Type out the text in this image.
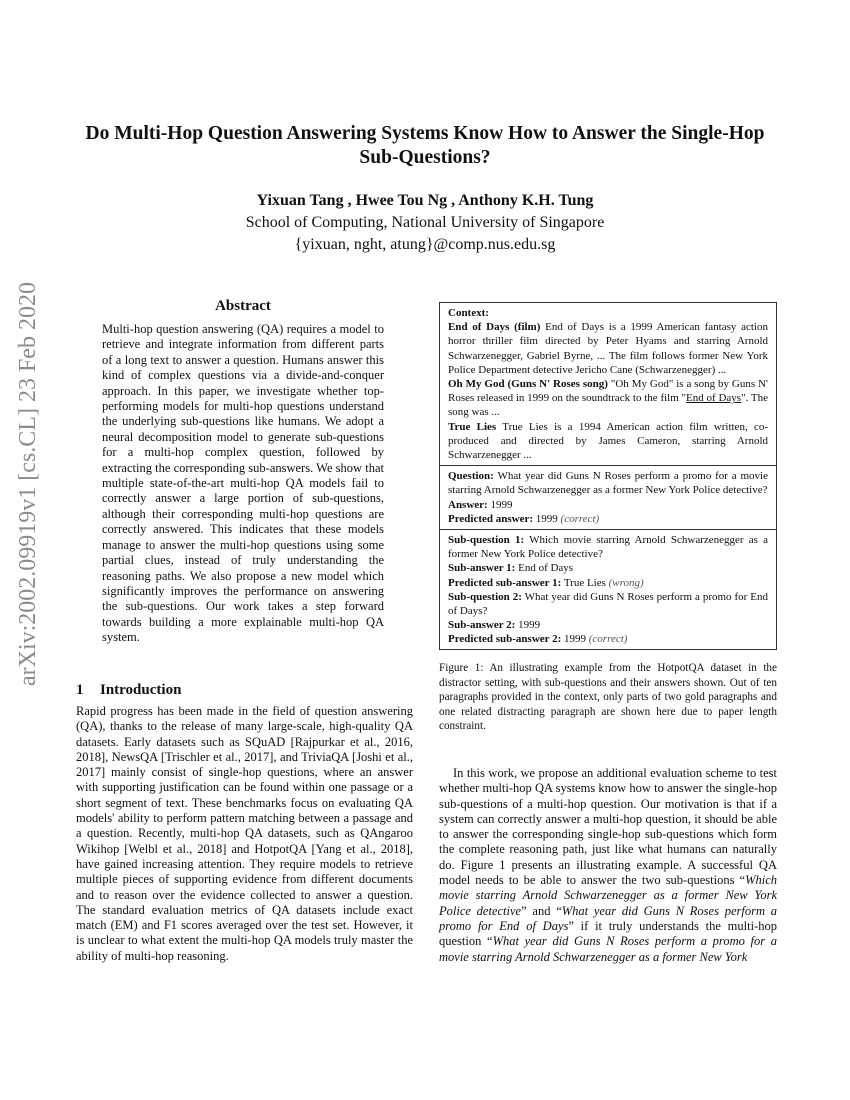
arXiv:2002.09919v1 [cs.CL] 23 Feb 2020
Do Multi-Hop Question Answering Systems Know How to Answer the Single-Hop
Sub-Questions?
Yixuan Tang , Hwee Tou Ng , Anthony K.H. Tung
School of Computing, National University of Singapore
{yixuan, nght, atung}@comp.nus.edu.sg
Abstract
Multi-hop question answering (QA) requires a model to retrieve and integrate information from different parts of a long text to answer a question. Humans answer this kind of complex questions via a divide-and-conquer approach. In this paper, we investigate whether top-performing models for multi-hop questions understand the underlying sub-questions like humans. We adopt a neural decomposition model to generate sub-questions for a multi-hop complex question, followed by extracting the corresponding sub-answers. We show that multiple state-of-the-art multi-hop QA models fail to correctly answer a large portion of sub-questions, although their corresponding multi-hop questions are correctly answered. This indicates that these models manage to answer the multi-hop questions using some partial clues, instead of truly understanding the reasoning paths. We also propose a new model which significantly improves the performance on answering the sub-questions. Our work takes a step forward towards building a more explainable multi-hop QA system.
1 Introduction
Rapid progress has been made in the field of question answering (QA), thanks to the release of many large-scale, high-quality QA datasets. Early datasets such as SQuAD [Rajpurkar et al., 2016, 2018], NewsQA [Trischler et al., 2017], and TriviaQA [Joshi et al., 2017] mainly consist of single-hop questions, where an answer with supporting justification can be found within one passage or a short segment of text. These benchmarks focus on evaluating QA models' ability to perform pattern matching between a passage and a question. Recently, multi-hop QA datasets, such as QAngaroo Wikihop [Welbl et al., 2018] and HotpotQA [Yang et al., 2018], have gained increasing attention. They require models to retrieve multiple pieces of supporting evidence from different documents and to reason over the evidence collected to answer a question. The standard evaluation metrics of QA datasets include exact match (EM) and F1 scores averaged over the test set. However, it is unclear to what extent the multi-hop QA models truly master the ability of multi-hop reasoning.
Context:
End of Days (film) End of Days is a 1999 American fantasy action horror thriller film directed by Peter Hyams and starring Arnold Schwarzenegger, Gabriel Byrne, ... The film follows former New York Police Department detective Jericho Cane (Schwarzenegger) ...
Oh My God (Guns N' Roses song) "Oh My God" is a song by Guns N' Roses released in 1999 on the soundtrack to the film "End of Days". The song was ...
True Lies True Lies is a 1994 American action film written, co-produced and directed by James Cameron, starring Arnold Schwarzenegger ...
Question: What year did Guns N Roses perform a promo for a movie starring Arnold Schwarzenegger as a former New York Police detective?
Answer: 1999
Predicted answer: 1999 (correct)
Sub-question 1: Which movie starring Arnold Schwarzenegger as a former New York Police detective?
Sub-answer 1: End of Days
Predicted sub-answer 1: True Lies (wrong)
Sub-question 2: What year did Guns N Roses perform a promo for End of Days?
Sub-answer 2: 1999
Predicted sub-answer 2: 1999 (correct)
Figure 1: An illustrating example from the HotpotQA dataset in the distractor setting, with sub-questions and their answers shown. Out of ten paragraphs provided in the context, only parts of two gold paragraphs and one related distracting paragraph are shown here due to paper length constraint.
In this work, we propose an additional evaluation scheme to test whether multi-hop QA systems know how to answer the single-hop sub-questions of a multi-hop question. Our motivation is that if a system can correctly answer a multi-hop question, it should be able to answer the corresponding single-hop sub-questions which form the complete reasoning path, just like what humans can naturally do. Figure 1 presents an illustrating example. A successful QA model needs to be able to answer the two sub-questions “Which movie starring Arnold Schwarzenegger as a former New York Police detective” and “What year did Guns N Roses perform a promo for End of Days” if it truly understands the multi-hop question “What year did Guns N Roses perform a promo for a movie starring Arnold Schwarzenegger as a former New York
